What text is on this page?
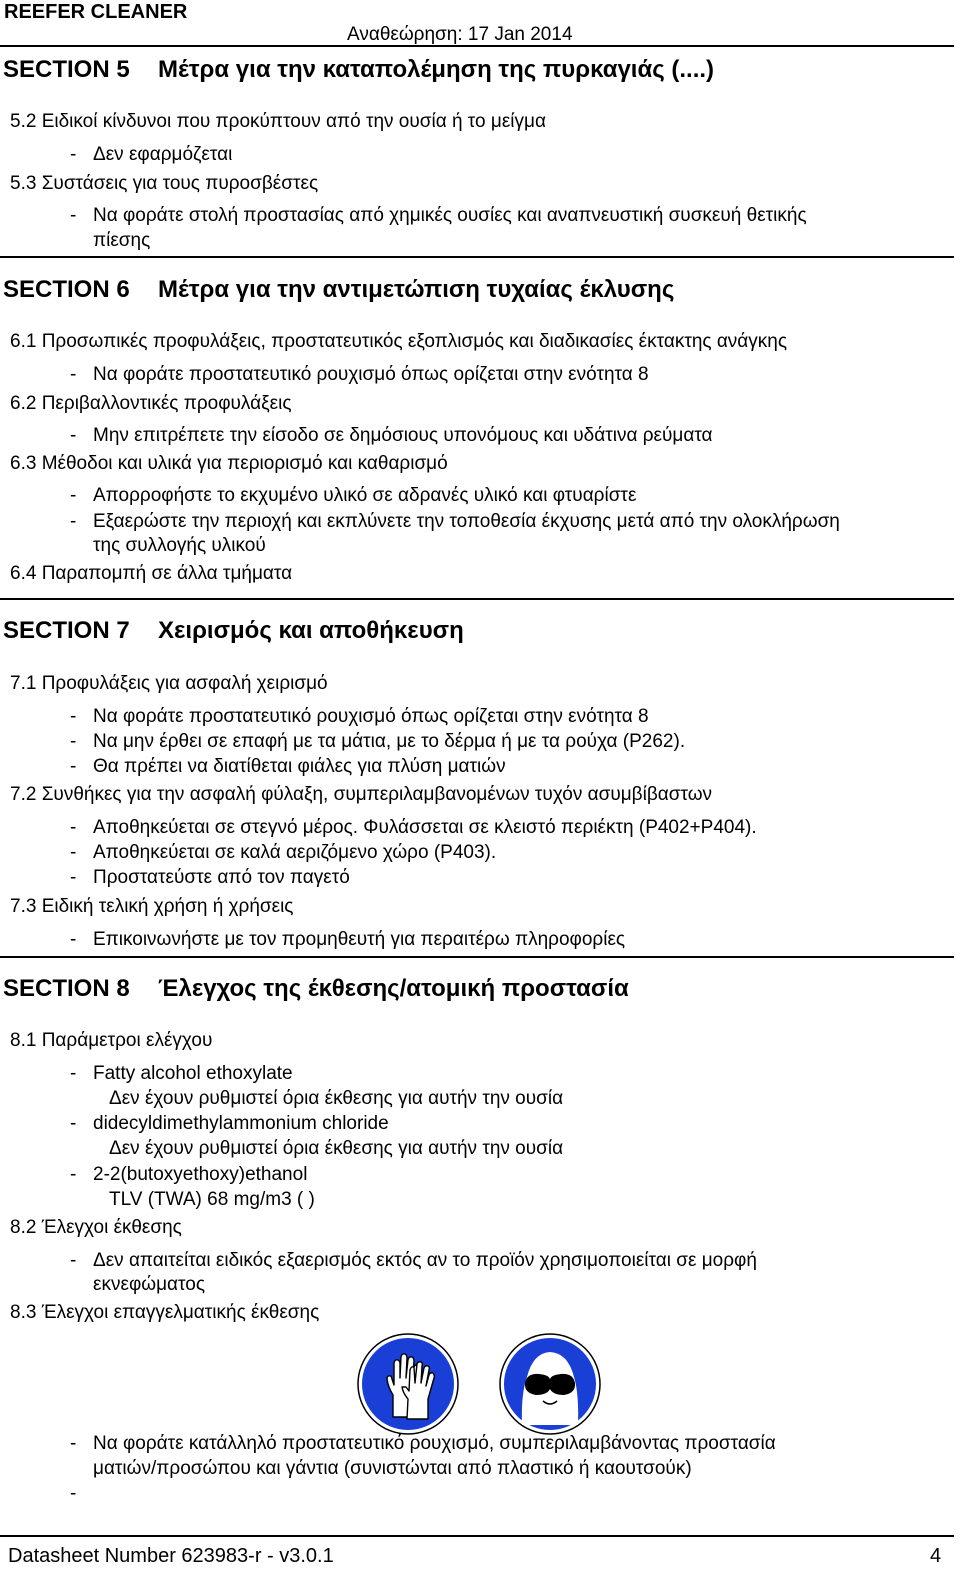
REEFER CLEANER
Αναθεώρηση: 17 Jan 2014
SECTION 5 Μέτρα για την καταπολέμηση της πυρκαγιάς (....)
5.2 Ειδικοί κίνδυνοι που προκύπτουν από την ουσία ή το μείγμα
- Δεν εφαρμόζεται
5.3 Συστάσεις για τους πυροσβέστες
- Να φοράτε στολή προστασίας από χημικές ουσίες και αναπνευστική συσκευή θετικής
πίεσης
SECTION 6 Μέτρα για την αντιμετώπιση τυχαίας έκλυσης
6.1 Προσωπικές προφυλάξεις, προστατευτικός εξοπλισμός και διαδικασίες έκτακτης ανάγκης
- Να φοράτε προστατευτικό ρουχισμό όπως ορίζεται στην ενότητα 8
6.2 Περιβαλλοντικές προφυλάξεις
- Μην επιτρέπετε την είσοδο σε δημόσιους υπονόμους και υδάτινα ρεύματα
6.3 Μέθοδοι και υλικά για περιορισμό και καθαρισμό
- Απορροφήστε το εκχυμένο υλικό σε αδρανές υλικό και φτυαρίστε
- Εξαερώστε την περιοχή και εκπλύνετε την τοποθεσία έκχυσης μετά από την ολοκλήρωση
της συλλογής υλικού
6.4 Παραπομπή σε άλλα τμήματα
SECTION 7 Χειρισμός και αποθήκευση
7.1 Προφυλάξεις για ασφαλή χειρισμό
- Να φοράτε προστατευτικό ρουχισμό όπως ορίζεται στην ενότητα 8
- Να μην έρθει σε επαφή με τα μάτια, με το δέρμα ή με τα ρούχα (P262).
- Θα πρέπει να διατίθεται φιάλες για πλύση ματιών
7.2 Συνθήκες για την ασφαλή φύλαξη, συμπεριλαμβανομένων τυχόν ασυμβίβαστων
- Αποθηκεύεται σε στεγνό μέρος. Φυλάσσεται σε κλειστό περιέκτη (P402+P404).
- Αποθηκεύεται σε καλά αεριζόμενο χώρο (P403).
- Προστατεύστε από τον παγετό
7.3 Ειδική τελική χρήση ή χρήσεις
- Επικοινωνήστε με τον προμηθευτή για περαιτέρω πληροφορίες
SECTION 8 Έλεγχος της έκθεσης/ατομική προστασία
8.1 Παράμετροι ελέγχου
- Fatty alcohol ethoxylate
Δεν έχουν ρυθμιστεί όρια έκθεσης για αυτήν την ουσία
- didecyldimethylammonium chloride
Δεν έχουν ρυθμιστεί όρια έκθεσης για αυτήν την ουσία
- 2-2(butoxyethoxy)ethanol
TLV (TWA) 68 mg/m3 ( )
8.2 Έλεγχοι έκθεσης
- Δεν απαιτείται ειδικός εξαερισμός εκτός αν το προϊόν χρησιμοποιείται σε μορφή
εκνεφώματος
8.3 Έλεγχοι επαγγελματικής έκθεσης
- Να φοράτε κατάλληλό προστατευτικό ρουχισμό, συμπεριλαμβάνοντας προστασία
ματιών/προσώπου και γάντια (συνιστώνται από πλαστικό ή καουτσούκ)
-
Datasheet Number 623983-r - v3.0.1	4
